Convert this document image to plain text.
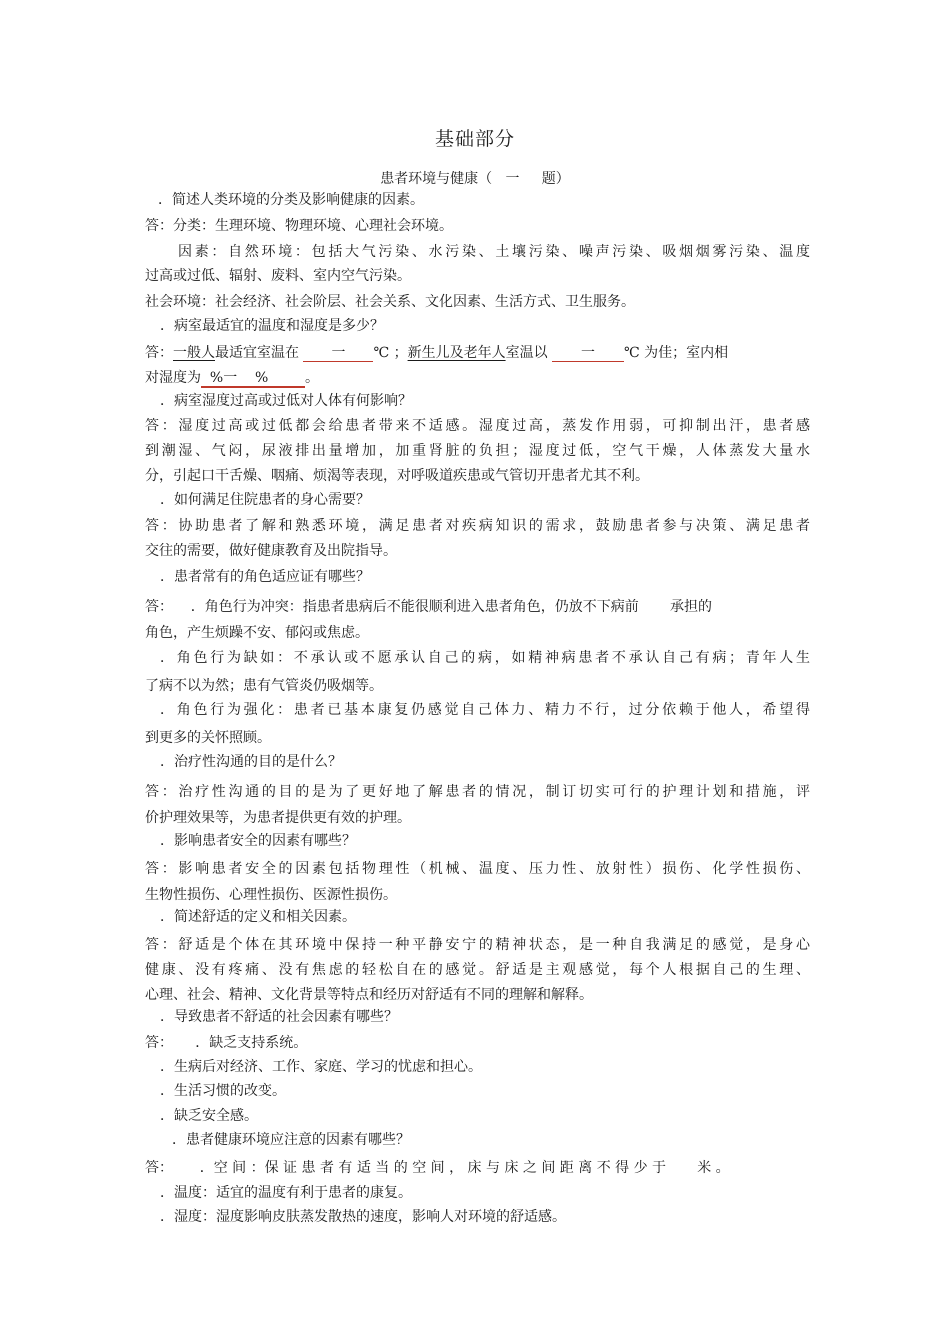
基础部分
患者环境与健康（   一     题）
．简述人类环境的分类及影响健康的因素。
答：分类：生理环境、物理环境、心理社会环境。
因素：自然环境：包括大气污染、水污染、土壤污染、噪声污染、吸烟烟雾污染、温度
过高或过低、辐射、废料、室内空气污染。
社会环境：社会经济、社会阶层、社会关系、文化因素、生活方式、卫生服务。
．病室最适宜的温度和湿度是多少？
答：一般人最适宜室温在   一  ℃ ；新生儿及老年人室温以   一  ℃ 为佳；室内相
对湿度为  %一    %	。
．病室湿度过高或过低对人体有何影响？
答：湿度过高或过低都会给患者带来不适感。湿度过高，蒸发作用弱，可抑制出汗，患者感
到潮湿、气闷，尿液排出量增加，加重肾脏的负担；湿度过低，空气干燥，人体蒸发大量水
分，引起口干舌燥、咽痛、烦渴等表现，对呼吸道疾患或气管切开患者尤其不利。
．如何满足住院患者的身心需要？
答：协助患者了解和熟悉环境，满足患者对疾病知识的需求，鼓励患者参与决策、满足患者
交往的需要，做好健康教育及出院指导。
．患者常有的角色适应证有哪些？
答：    ．角色行为冲突：指患者患病后不能很顺利进入患者角色，仍放不下病前       承担的
角色，产生烦躁不安、郁闷或焦虑。
．角色行为缺如：不承认或不愿承认自己的病，如精神病患者不承认自己有病；青年人生
了病不以为然；患有气管炎仍吸烟等。
．角色行为强化：患者已基本康复仍感觉自己体力、精力不行，过分依赖于他人，希望得
到更多的关怀照顾。
．治疗性沟通的目的是什么？
答：治疗性沟通的目的是为了更好地了解患者的情况，制订切实可行的护理计划和措施，评
价护理效果等，为患者提供更有效的护理。
．影响患者安全的因素有哪些？
答：影响患者安全的因素包括物理性（机械、温度、压力性、放射性）损伤、化学性损伤、
生物性损伤、心理性损伤、医源性损伤。
．简述舒适的定义和相关因素。
答：舒适是个体在其环境中保持一种平静安宁的精神状态，是一种自我满足的感觉，是身心
健康、没有疼痛、没有焦虑的轻松自在的感觉。舒适是主观感觉，每个人根据自己的生理、
心理、社会、精神、文化背景等特点和经历对舒适有不同的理解和解释。
．导致患者不舒适的社会因素有哪些？
答：     ．缺乏支持系统。
．生病后对经济、工作、家庭、学习的忧虑和担心。
．生活习惯的改变。
．缺乏安全感。
．患者健康环境应注意的因素有哪些？
答：      ．空 间 ：保 证 患 者 有 适 当 的 空 间 ， 床 与 床 之 间 距 离 不 得 少 于       米 。
．温度：适宜的温度有利于患者的康复。
．湿度：湿度影响皮肤蒸发散热的速度，影响人对环境的舒适感。
